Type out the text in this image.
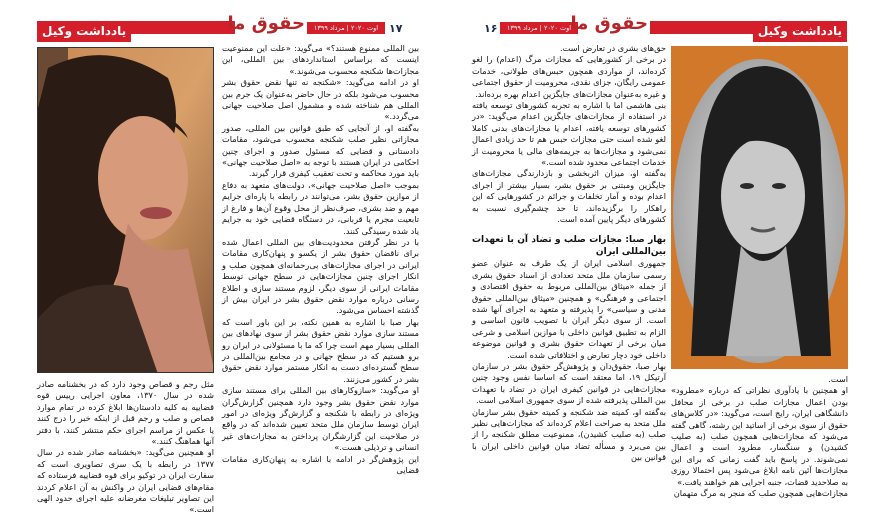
یادداشت وکیل	حقوق ما	اوت ۲۰۲۰ | مرداد ۱۳۹۹ ۱۷	۱۶	اوت ۲۰۲۰ | مرداد ۱۳۹۹ حقوق ما	یادداشت وکیل

بین المللی ممنوع هستند؟» می‌گوید: «علت این ممنوعیت اینست که براساس استانداردهای بین المللی، این مجازات‌ها شکنجه محسوب می‌شوند.»

او در ادامه می‌گوید: «شکنجه نه تنها نقض حقوق بشر محسوب می‌شود بلکه در حال حاضر به‌عنوان یک جرم بین المللی هم شناخته شده و مشمول اصل صلاحیت جهانی می‌گردد.»

به‌گفته او، از آنجایی که طبق قوانین بین المللی، صدور مجازاتی نظیر صلب شکنجه محسوب می‌شود، مقامات دادستانی و قضایی که مسئول صدور و اجرای چنین احکامی در ایران هستند با توجه به «اصل صلاحیت جهانی» باید مورد محاکمه و تحت تعقیب کیفری قرار گیرند.

بموجب «اصل صلاحیت جهانی»، دولت‌های متعهد به دفاع از موازین حقوق بشر، می‌توانند در رابطه با پاره‌ای جرایم مهم و ضد بشری، صرف‌نظر از محل وقوع آن‌ها و فارغ از تابعیت مجرم یا قربانی، در دستگاه قضایی خود به جرایم یاد شده رسیدگی کنند.

با در نظر گرفتن محدودیت‌های بین المللی اعمال شده برای ناقضان حقوق بشر از یکسو و پنهان‌کاری مقامات ایرانی در اجرای مجازات‌های بی‌رحمانه‌ای همچون صلب و انکار اجرای چنین مجازات‌هایی در سطح جهانی توسط مقامات ایرانی از سوی دیگر، لزوم مستند سازی و اطلاع رسانی درباره موارد نقض حقوق بشر در ایران بیش از گذشته احساس می‌شود.

بهار صبا با اشاره به همین نکته، بر این باور است که مستند سازی موارد نقض حقوق بشر از سوی نهادهای بین المللی بسیار مهم است چرا که ما با مسئولانی در ایران رو برو هستیم که در سطح جهانی و در مجامع بین‌المللی در سطح گسترده‌ای دست به انکار مستمر موارد نقض حقوق بشر در کشور می‌زنند.

او می‌گوید: «سازوکارهای بین المللی برای مستند سازی موارد نقض حقوق بشر وجود دارد همچنین گزارش‌گران ویژه‌ای در رابطه با شکنجه و گزارش‌گر ویژه‌ای در امور ایران توسط سازمان ملل متحد تعیین شده‌اند که در واقع در صلاحیت این گزارشگران پرداختن به مجازات‌های غیر انسانی و ترذیلی هست.»

این پژوهش‌گر در ادامه با اشاره به پنهان‌کاری مقامات قضایی

مثل رجم و قصاص وجود دارد که در بخشنامه صادر شده در سال ۱۳۷۰، معاون اجرایی رییس قوه قضاییه به کلیه دادستان‌ها ابلاغ کرده در تمام موارد قصاص و صلب و رجم قبل از اینکه خبر را درج کنند یا عکس از مراسم اجرای حکم منتشر کنند، با دفتر آنها هماهنگ کنند.»

او همچنین می‌گوید: «بخشنامه صادر شده در سال ۱۳۷۷ در رابطه با یک سری تصاویری است که سفارت ایران در توکیو برای قوه قضاییه فرستاده که مقام‌های قضایی ایران در واکنش به آن اعلام کردند این تصاویر تبلیغات مغرضانه علیه اجرای حدود الهی است.»

حق‌های بشری در تعارض است.

در برخی از کشورهایی که مجازات مرگ (اعدام) را لغو کرده‌اند، از مواردی همچون حبس‌های طولانی، خدمات عمومی رایگان، جزای نقدی، محرومیت از حقوق اجتماعی و غیره به‌عنوان مجازات‌های جایگزین اعدام بهره برده‌اند.

بنی هاشمی اما با اشاره به تجربه کشورهای توسعه یافته در استفاده از مجازات‌های جایگزین اعدام می‌گوید: «در کشورهای توسعه یافته، اعدام یا مجازات‌های بدنی کاملا لغو شده است حتی مجازات حبس هم تا حد زیادی اعمال نمی‌شود و مجازات‌ها به جریمه‌های مالی یا محرومیت از خدمات اجتماعی محدود شده است.»

به‌گفته او، میزان اثربخشی و بازدارندگی مجازات‌های جایگزین ومبتنی بر حقوق بشر، بسیار بیشتر از اجرای اعدام بوده و آمار تخلفات و جرائم در کشورهایی که این راهکار را برگزیده‌اند، تا حد چشم‌گیری نسبت به کشورهای دیگر پایین آمده است.

بهار صبا: مجازات صلب و تضاد آن با تعهدات بین‌المللی ایران

جمهوری اسلامی ایران از یک طرف به عنوان عضو رسمی سازمان ملل متحد تعدادی از اسناد حقوق بشری از جمله «میثاق بین‌المللی مربوط به حقوق اقتصادی و اجتماعی و فرهنگی» و همچنین «میثاق بین‌المللی حقوق مدنی و سیاسی» را پذیرفته و متعهد به اجرای آنها شده است. از سوی دیگر ایران با تصویب قانون اساسی و الزام به تطبیق قوانین داخلی با موازین اسلامی و شرعی میان برخی از تعهدات حقوق بشری و قوانین موضوعه داخلی خود دچار تعارض و اختلافاتی شده است.

بهار صبا، حقوق‌دان و پژوهش‌گر حقوق بشر در سازمان آرتیکل ۱۹، اما معتقد است که اساسا نفس وجود چنین مجازات‌هایی در قوانین کیفری ایران در تضاد با تعهدات بین المللی پذیرفته شده از سوی جمهوری اسلامی است.

به‌گفته او، کمیته ضد شکنجه و کمیته حقوق بشر سازمان ملل متحد به صراحت اعلام کرده‌اند که مجازات‌هایی نظیر صلب (به صلیب کشیدن)، ممنوعیت مطلق شکنجه را از بین می‌برد و مسأله تضاد میان قوانین داخلی ایران با قوانین بین

است.

او همچنین با یادآوری نظراتی که درباره «مطرود» بودن اعمال مجازات صلب در برخی از محافل دانشگاهی ایران، رایج است، می‌گوید: «در کلاس‌های حقوق از سوی برخی از اساتید این رشته، گاهی گفته می‌شود که مجازات‌هایی همچون صلب (به صلیب کشیدن) و سنگسار، مطرود است و اعمال نمی‌شوند. در پاسخ باید گفت زمانی که برای این مجازات‌ها آئین نامه ابلاغ می‌شود پس احتمالا روزی به صلاحدید قضات، جنبه اجرایی هم خواهند یافت.»

مجازات‌هایی همچون صلب که منجر به مرگ متهمان
